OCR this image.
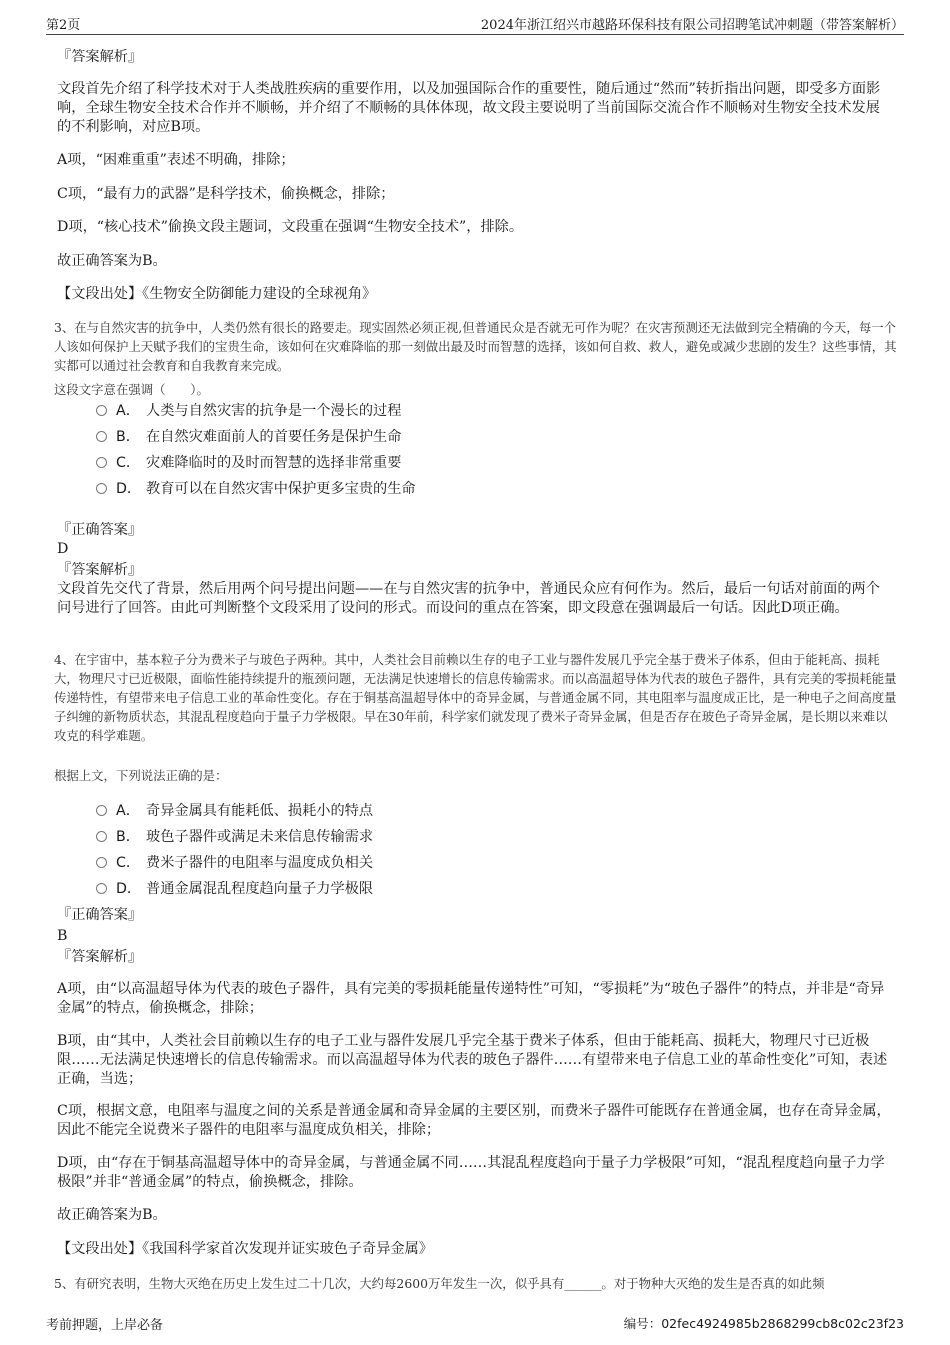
第2页	2024年浙江绍兴市越路环保科技有限公司招聘笔试冲刺题（带答案解析）
『答案解析』
文段首先介绍了科学技术对于人类战胜疾病的重要作用，以及加强国际合作的重要性，随后通过“然而”转折指出问题，即受多方面影响，全球生物安全技术合作并不顺畅，并介绍了不顺畅的具体体现，故文段主要说明了当前国际交流合作不顺畅对生物安全技术发展的不利影响，对应B项。
A项，“困难重重”表述不明确，排除；
C项，“最有力的武器”是科学技术，偷换概念，排除；
D项，“核心技术”偷换文段主题词，文段重在强调“生物安全技术”，排除。
故正确答案为B。
【文段出处】《生物安全防御能力建设的全球视角》
3、在与自然灾害的抗争中，人类仍然有很长的路要走。现实固然必须正视,但普通民众是否就无可作为呢？在灾害预测还无法做到完全精确的今天，每一个人该如何保护上天赋予我们的宝贵生命，该如何在灾难降临的那一刻做出最及时而智慧的选择，该如何自救、救人，避免或减少悲剧的发生？这些事情，其实都可以通过社会教育和自我教育来完成。
这段文字意在强调（　　）。
A． 人类与自然灾害的抗争是一个漫长的过程
B． 在自然灾难面前人的首要任务是保护生命
C． 灾难降临时的及时而智慧的选择非常重要
D． 教育可以在自然灾害中保护更多宝贵的生命
『正确答案』
D
『答案解析』
文段首先交代了背景，然后用两个问号提出问题——在与自然灾害的抗争中，普通民众应有何作为。然后，最后一句话对前面的两个问号进行了回答。由此可判断整个文段采用了设问的形式。而设问的重点在答案，即文段意在强调最后一句话。因此D项正确。
4、在宇宙中，基本粒子分为费米子与玻色子两种。其中，人类社会目前赖以生存的电子工业与器件发展几乎完全基于费米子体系，但由于能耗高、损耗大，物理尺寸已近极限，面临性能持续提升的瓶颈问题，无法满足快速增长的信息传输需求。而以高温超导体为代表的玻色子器件，具有完美的零损耗能量传递特性，有望带来电子信息工业的革命性变化。存在于铜基高温超导体中的奇异金属，与普通金属不同，其电阻率与温度成正比，是一种电子之间高度量子纠缠的新物质状态，其混乱程度趋向于量子力学极限。早在30年前，科学家们就发现了费米子奇异金属，但是否存在玻色子奇异金属，是长期以来难以攻克的科学难题。
根据上文，下列说法正确的是：
A． 奇异金属具有能耗低、损耗小的特点
B． 玻色子器件或满足未来信息传输需求
C． 费米子器件的电阻率与温度成负相关
D． 普通金属混乱程度趋向量子力学极限
『正确答案』
B
『答案解析』
A项，由“以高温超导体为代表的玻色子器件，具有完美的零损耗能量传递特性”可知，“零损耗”为“玻色子器件”的特点，并非是“奇异金属”的特点，偷换概念，排除；
B项，由“其中，人类社会目前赖以生存的电子工业与器件发展几乎完全基于费米子体系，但由于能耗高、损耗大，物理尺寸已近极限……无法满足快速增长的信息传输需求。而以高温超导体为代表的玻色子器件……有望带来电子信息工业的革命性变化”可知，表述正确，当选；
C项，根据文意，电阻率与温度之间的关系是普通金属和奇异金属的主要区别，而费米子器件可能既存在普通金属，也存在奇异金属，因此不能完全说费米子器件的电阻率与温度成负相关，排除；
D项，由“存在于铜基高温超导体中的奇异金属，与普通金属不同……其混乱程度趋向于量子力学极限”可知，“混乱程度趋向量子力学极限”并非“普通金属”的特点，偷换概念，排除。
故正确答案为B。
【文段出处】《我国科学家首次发现并证实玻色子奇异金属》
5、有研究表明，生物大灭绝在历史上发生过二十几次，大约每2600万年发生一次，似乎具有______。对于物种大灭绝的发生是否真的如此频
考前押题，上岸必备	编号：02fec4924985b2868299cb8c02c23f23
